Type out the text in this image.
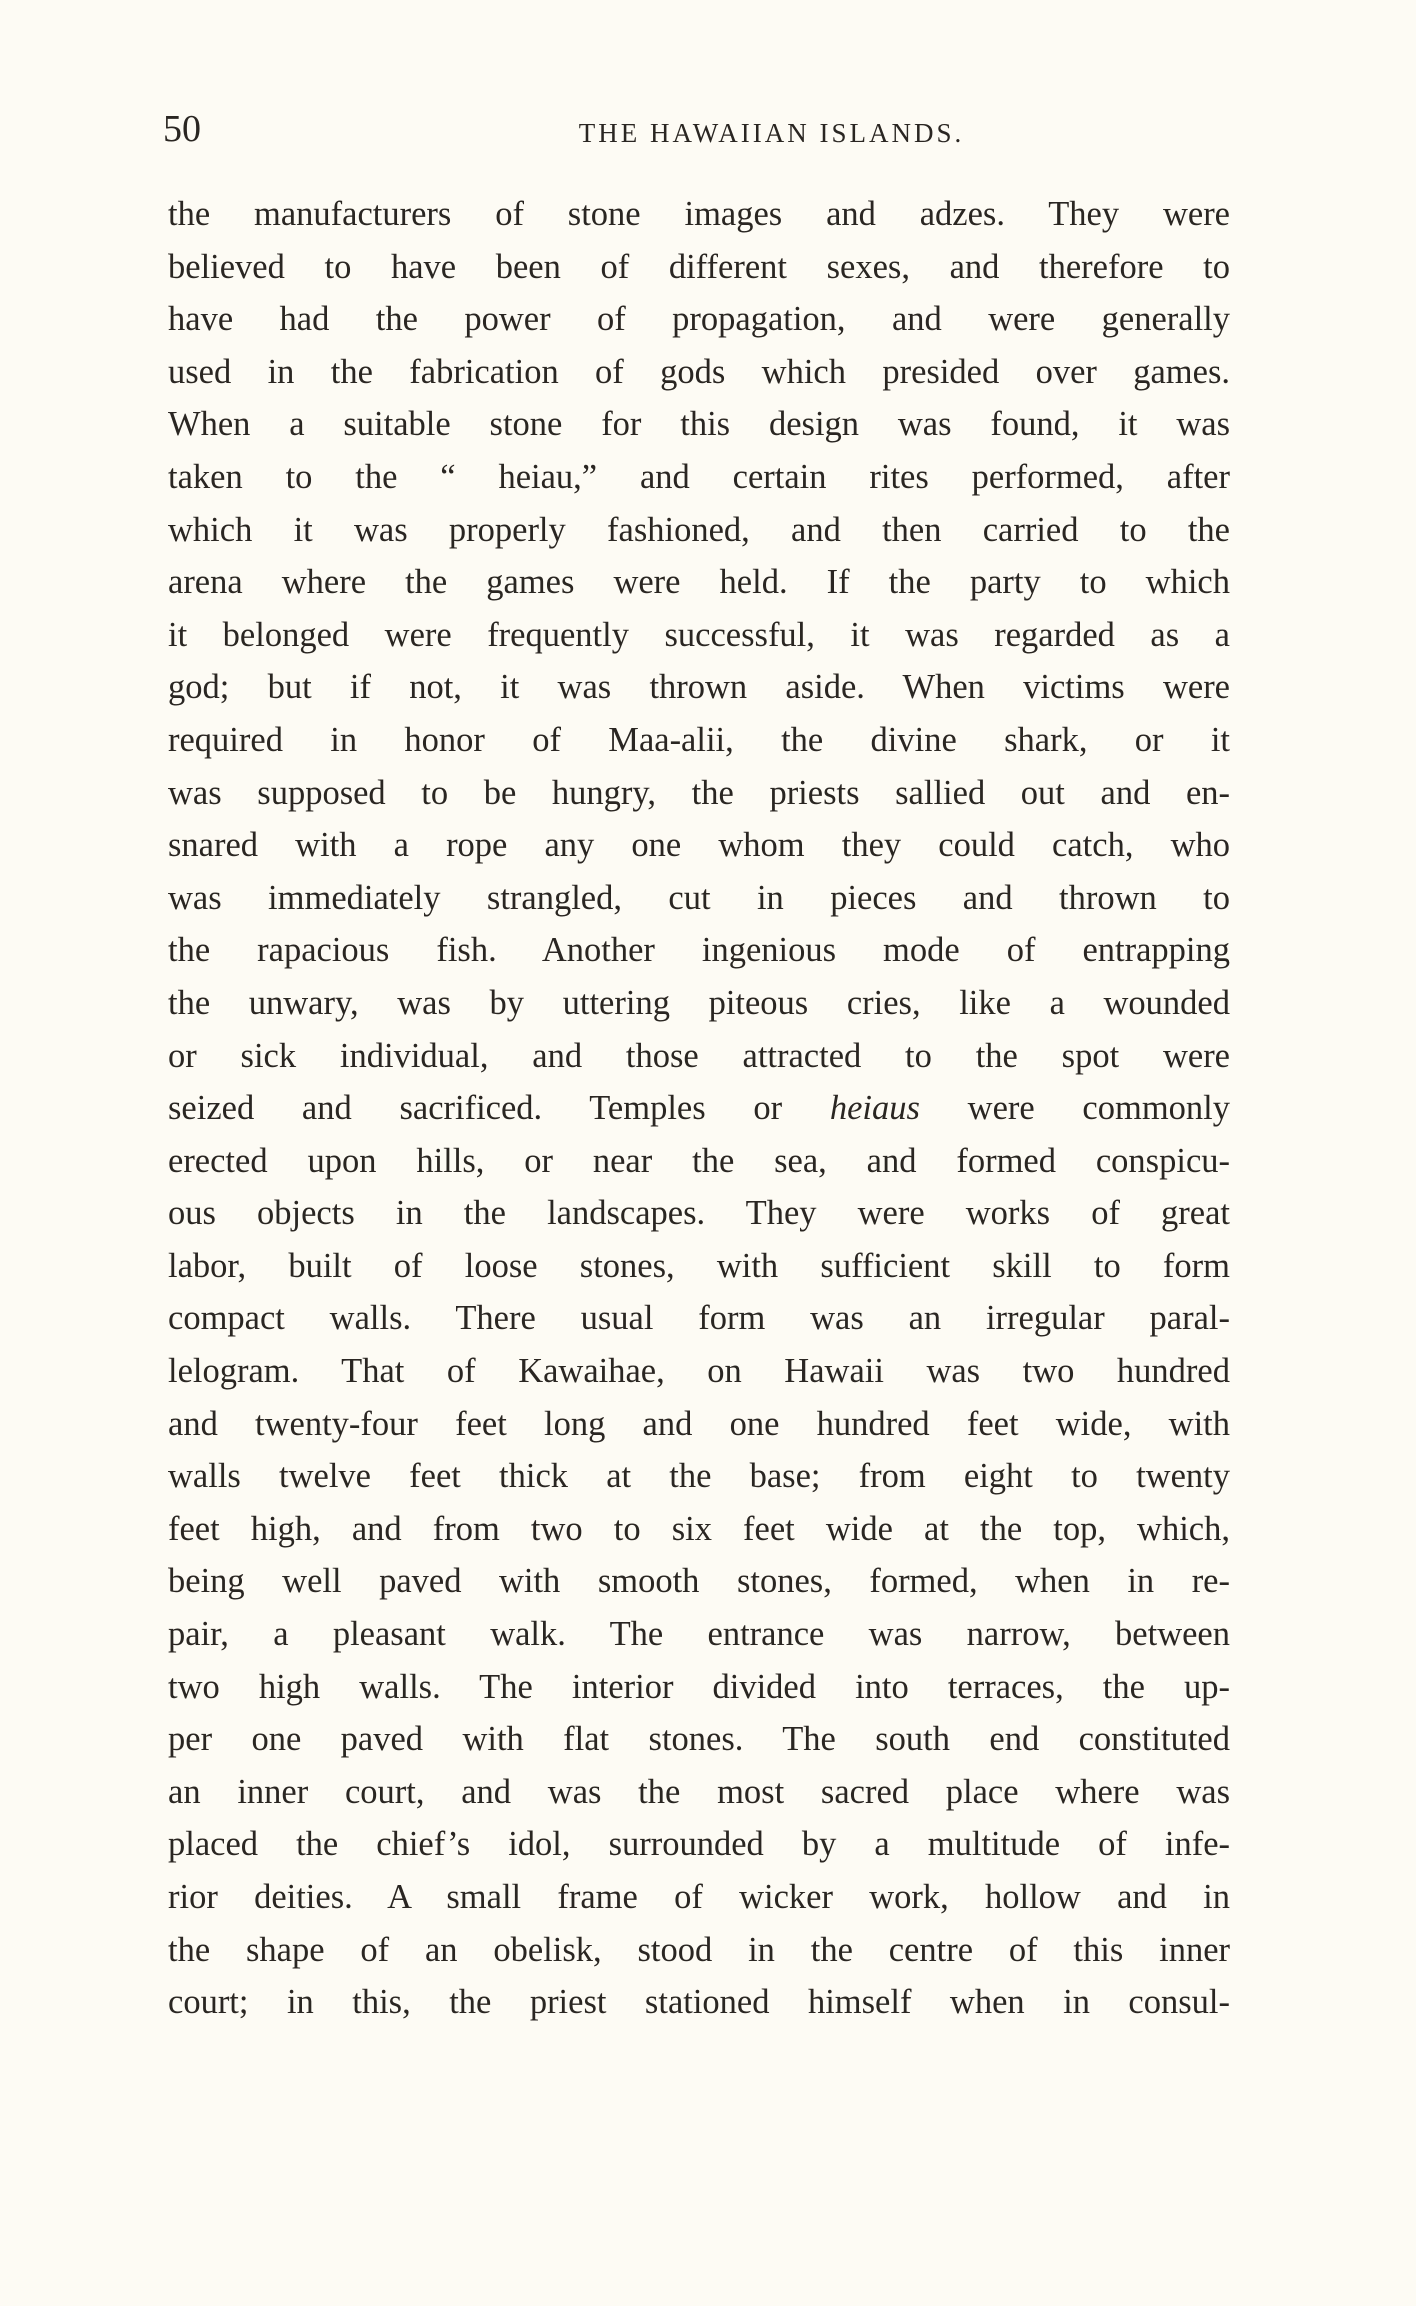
50	THE HAWAIIAN ISLANDS.
the manufacturers of stone images and adzes. They were
believed to have been of different sexes, and therefore to
have had the power of propagation, and were generally
used in the fabrication of gods which presided over games.
When a suitable stone for this design was found, it was
taken to the “ heiau,” and certain rites performed, after
which it was properly fashioned, and then carried to the
arena where the games were held. If the party to which
it belonged were frequently successful, it was regarded as a
god; but if not, it was thrown aside. When victims were
required in honor of Maa-alii, the divine shark, or it
was supposed to be hungry, the priests sallied out and en-
snared with a rope any one whom they could catch, who
was immediately strangled, cut in pieces and thrown to
the rapacious fish. Another ingenious mode of entrapping
the unwary, was by uttering piteous cries, like a wounded
or sick individual, and those attracted to the spot were
seized and sacrificed. Temples or heiaus were commonly
erected upon hills, or near the sea, and formed conspicu-
ous objects in the landscapes. They were works of great
labor, built of loose stones, with sufficient skill to form
compact walls. There usual form was an irregular paral-
lelogram. That of Kawaihae, on Hawaii was two hundred
and twenty-four feet long and one hundred feet wide, with
walls twelve feet thick at the base; from eight to twenty
feet high, and from two to six feet wide at the top, which,
being well paved with smooth stones, formed, when in re-
pair, a pleasant walk. The entrance was narrow, between
two high walls. The interior divided into terraces, the up-
per one paved with flat stones. The south end constituted
an inner court, and was the most sacred place where was
placed the chief’s idol, surrounded by a multitude of infe-
rior deities. A small frame of wicker work, hollow and in
the shape of an obelisk, stood in the centre of this inner
court; in this, the priest stationed himself when in consul-
